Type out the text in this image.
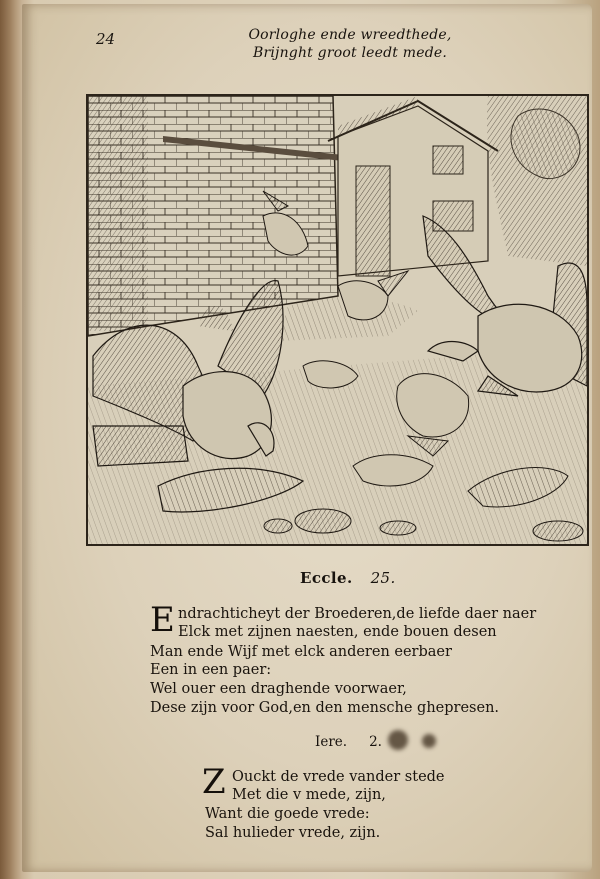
24	Oorloghe ende wreedthede,
Brijnght groot leedt mede.
Eccle. 25.
E ndrachticheyt der Broederen,de liefde daer naer
Elck met zijnen naesten, ende bouen desen
Man ende Wijf met elck anderen eerbaer
Een in een paer:
Wel ouer een draghende voorwaer,
Dese zijn voor God,en den mensche ghepresen.
Iere. 2.
Z Ouckt de vrede vander stede
Met die v mede, zijn,
Want die goede vrede:
Sal hulieder vrede, zijn.
